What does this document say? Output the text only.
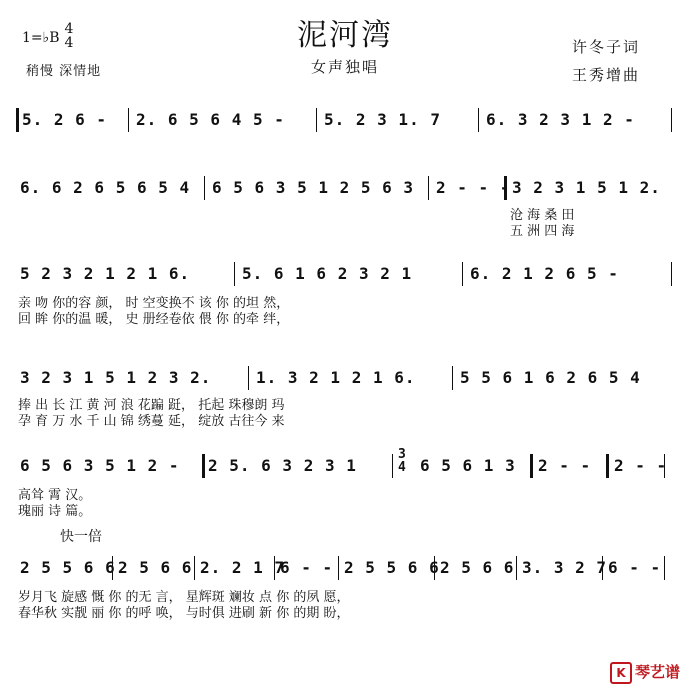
泥河湾
女声独唱
许冬子词
王秀增曲
1=♭B
4
4
稍慢 深情地
5. 2 6 - 2. 6 5 6 4 5 - 5. 2 3 1. 7	6. 3 2 3 1 2 -
6. 6 2 6 5 6 5 4 6 5 6 3 5 1 2 5 6 3 2 - - - 3 2 3 1 5 1 2.
沧 海 桑 田
五 洲 四 海
5 2 3 2 1 2 1 6.	5. 6 1 6 2 3 2 1	6. 2 1 2 6 5 -
亲 吻 你的容 颜， 时 空变换不 该 你 的坦 然，
回 眸 你的温 暖， 史 册经卷依 偎 你 的牵 绊，
3 2 3 1 5 1 2 3 2.	1. 3 2 1 2 1 6.	5 5 6 1 6 2 6 5 4
捧 出 长 江 黄 河 浪 花蹁 跹， 托起 珠穆朗 玛
孕 育 万 水 千 山 锦 绣蔓 延， 绽放 古往今 来
6 5 6 3 5 1 2 - 2 5. 6 3 2 3 1
3
4 6 5 6 1 3 2 - - 2 - -
高耸 霄 汉。
瑰丽 诗 篇。
快一倍
2 5 5 6 6 2 5 6 6 2. 2 1 7
6 - - 2 5 5 6 6 2 5 6 6 3. 3 2 7 6 - -
岁月飞 旋感 慨 你 的无 言， 星辉斑 斓妆 点 你 的夙 愿，
春华秋 实靓 丽 你 的呼 唤， 与时俱 进刷 新 你 的期 盼，
K 琴艺谱
